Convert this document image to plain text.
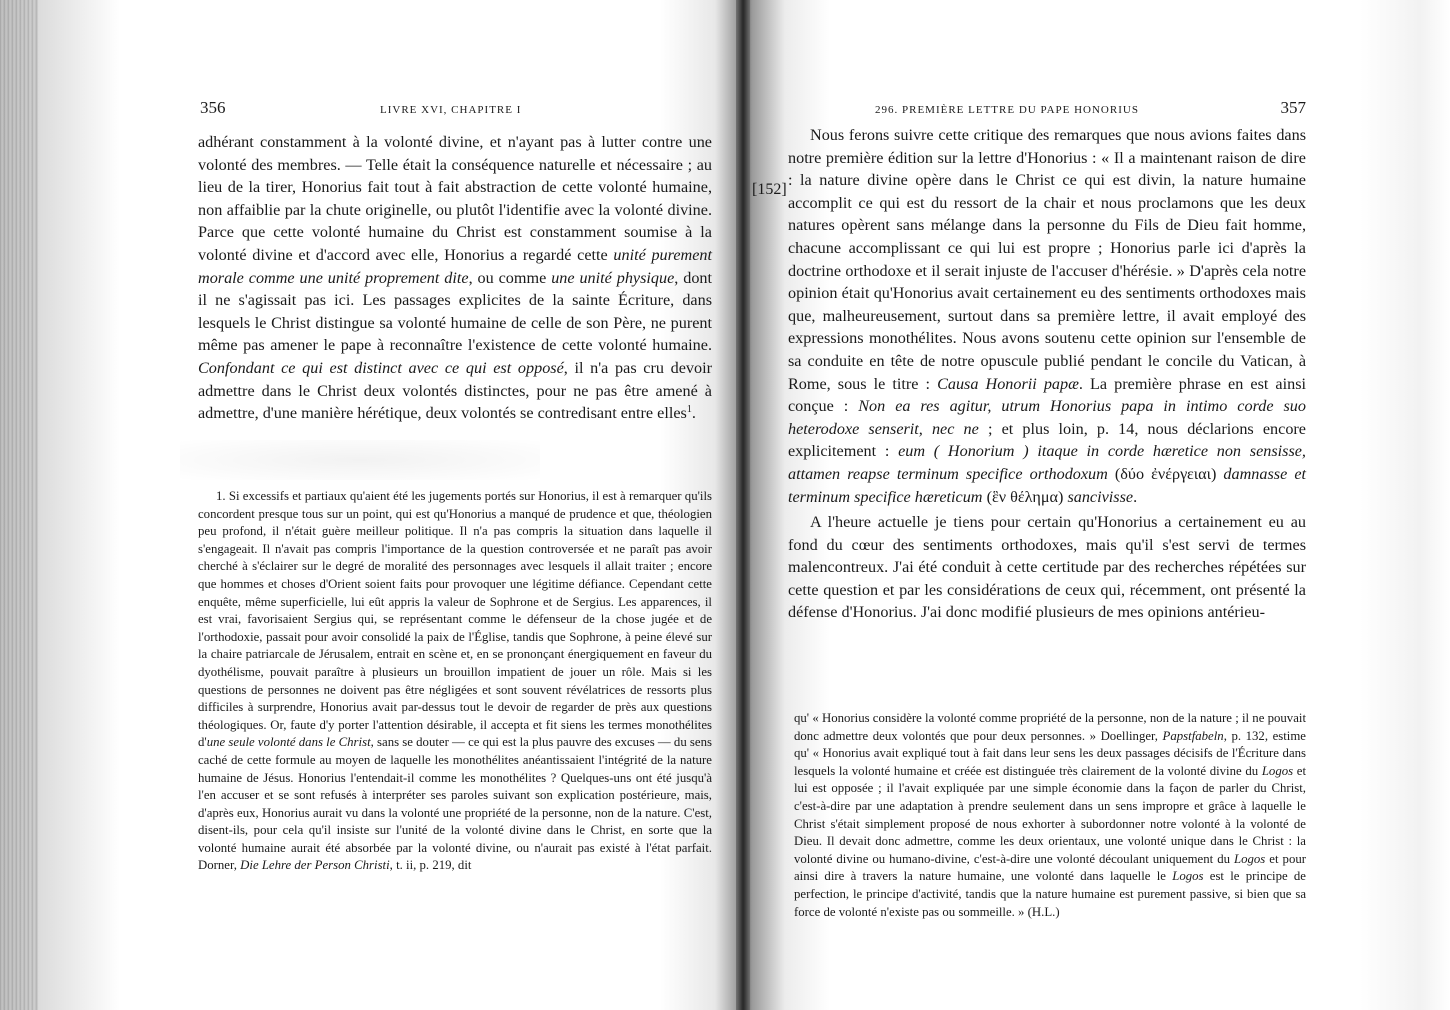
356	LIVRE XVI, CHAPITRE I

adhérant constamment à la volonté divine, et n'ayant pas à lutter contre une volonté des membres. — Telle était la conséquence naturelle et nécessaire ; au lieu de la tirer, Honorius fait tout à fait abstraction de cette volonté humaine, non affaiblie par la chute originelle, ou plutôt l'identifie avec la volonté divine. Parce que cette volonté humaine du Christ est constamment soumise à la volonté divine et d'accord avec elle, Honorius a regardé cette unité purement morale comme une unité proprement dite, ou comme une unité physique, dont il ne s'agissait pas ici. Les passages explicites de la sainte Écriture, dans lesquels le Christ distingue sa volonté humaine de celle de son Père, ne purent même pas amener le pape à reconnaître l'existence de cette volonté humaine. Confondant ce qui est distinct avec ce qui est opposé, il n'a pas cru devoir admettre dans le Christ deux volontés distinctes, pour ne pas être amené à admettre, d'une manière hérétique, deux volontés se contredisant entre elles$^1$.

1. Si excessifs et partiaux qu'aient été les jugements portés sur Honorius, il est à remarquer qu'ils concordent presque tous sur un point, qui est qu'Honorius a manqué de prudence et que, théologien peu profond, il n'était guère meilleur politique. Il n'a pas compris la situation dans laquelle il s'engageait. Il n'avait pas compris l'importance de la question controversée et ne paraît pas avoir cherché à s'éclairer sur le degré de moralité des personnages avec lesquels il allait traiter ; encore que hommes et choses d'Orient soient faits pour provoquer une légitime défiance. Cependant cette enquête, même superficielle, lui eût appris la valeur de Sophrone et de Sergius. Les apparences, il est vrai, favorisaient Sergius qui, se représentant comme le défenseur de la chose jugée et de l'orthodoxie, passait pour avoir consolidé la paix de l'Église, tandis que Sophrone, à peine élevé sur la chaire patriarcale de Jérusalem, entrait en scène et, en se prononçant énergiquement en faveur du dyothélisme, pouvait paraître à plusieurs un brouillon impatient de jouer un rôle. Mais si les questions de personnes ne doivent pas être négligées et sont souvent révélatrices de ressorts plus difficiles à surprendre, Honorius avait par-dessus tout le devoir de regarder de près aux questions théologiques. Or, faute d'y porter l'attention désirable, il accepta et fit siens les termes monothélites d'une seule volonté dans le Christ, sans se douter — ce qui est la plus pauvre des excuses — du sens caché de cette formule au moyen de laquelle les monothélites anéantissaient l'intégrité de la nature humaine de Jésus. Honorius l'entendait-il comme les monothélites ? Quelques-uns ont été jusqu'à l'en accuser et se sont refusés à interpréter ses paroles suivant son explication postérieure, mais, d'après eux, Honorius aurait vu dans la volonté une propriété de la personne, non de la nature. C'est, disent-ils, pour cela qu'il insiste sur l'unité de la volonté divine dans le Christ, en sorte que la volonté humaine aurait été absorbée par la volonté divine, ou n'aurait pas existé à l'état parfait. Dorner, Die Lehre der Person Christi, t. ii, p. 219, dit

296. PREMIÈRE LETTRE DU PAPE HONORIUS	357
[152]

Nous ferons suivre cette critique des remarques que nous avions faites dans notre première édition sur la lettre d'Honorius : « Il a maintenant raison de dire : la nature divine opère dans le Christ ce qui est divin, la nature humaine accomplit ce qui est du ressort de la chair et nous proclamons que les deux natures opèrent sans mélange dans la personne du Fils de Dieu fait homme, chacune accomplissant ce qui lui est propre ; Honorius parle ici d'après la doctrine orthodoxe et il serait injuste de l'accuser d'hérésie. » D'après cela notre opinion était qu'Honorius avait certainement eu des sentiments orthodoxes mais que, malheureusement, surtout dans sa première lettre, il avait employé des expressions monothélites. Nous avons soutenu cette opinion sur l'ensemble de sa conduite en tête de notre opuscule publié pendant le concile du Vatican, à Rome, sous le titre : Causa Honorii papæ. La première phrase en est ainsi conçue : Non ea res agitur, utrum Honorius papa in intimo corde suo heterodoxe senserit, nec ne ; et plus loin, p. 14, nous déclarions encore explicitement : eum ( Honorium ) itaque in corde hæretice non sensisse, attamen reapse terminum specifice orthodoxum (δύο ἐνέργειαι) damnasse et terminum specifice hæreticum (ἓν θέλημα) sancivisse.

A l'heure actuelle je tiens pour certain qu'Honorius a certainement eu au fond du cœur des sentiments orthodoxes, mais qu'il s'est servi de termes malencontreux. J'ai été conduit à cette certitude par des recherches répétées sur cette question et par les considérations de ceux qui, récemment, ont présenté la défense d'Honorius. J'ai donc modifié plusieurs de mes opinions antérieu-

qu' « Honorius considère la volonté comme propriété de la personne, non de la nature ; il ne pouvait donc admettre deux volontés que pour deux personnes. » Doellinger, Papstfabeln, p. 132, estime qu' « Honorius avait expliqué tout à fait dans leur sens les deux passages décisifs de l'Écriture dans lesquels la volonté humaine et créée est distinguée très clairement de la volonté divine du Logos et lui est opposée ; il l'avait expliquée par une simple économie dans la façon de parler du Christ, c'est-à-dire par une adaptation à prendre seulement dans un sens impropre et grâce à laquelle le Christ s'était simplement proposé de nous exhorter à subordonner notre volonté à la volonté de Dieu. Il devait donc admettre, comme les deux orientaux, une volonté unique dans le Christ : la volonté divine ou humano-divine, c'est-à-dire une volonté découlant uniquement du Logos et pour ainsi dire à travers la nature humaine, une volonté dans laquelle le Logos est le principe de perfection, le principe d'activité, tandis que la nature humaine est purement passive, si bien que sa force de volonté n'existe pas ou sommeille. » (H.L.)
